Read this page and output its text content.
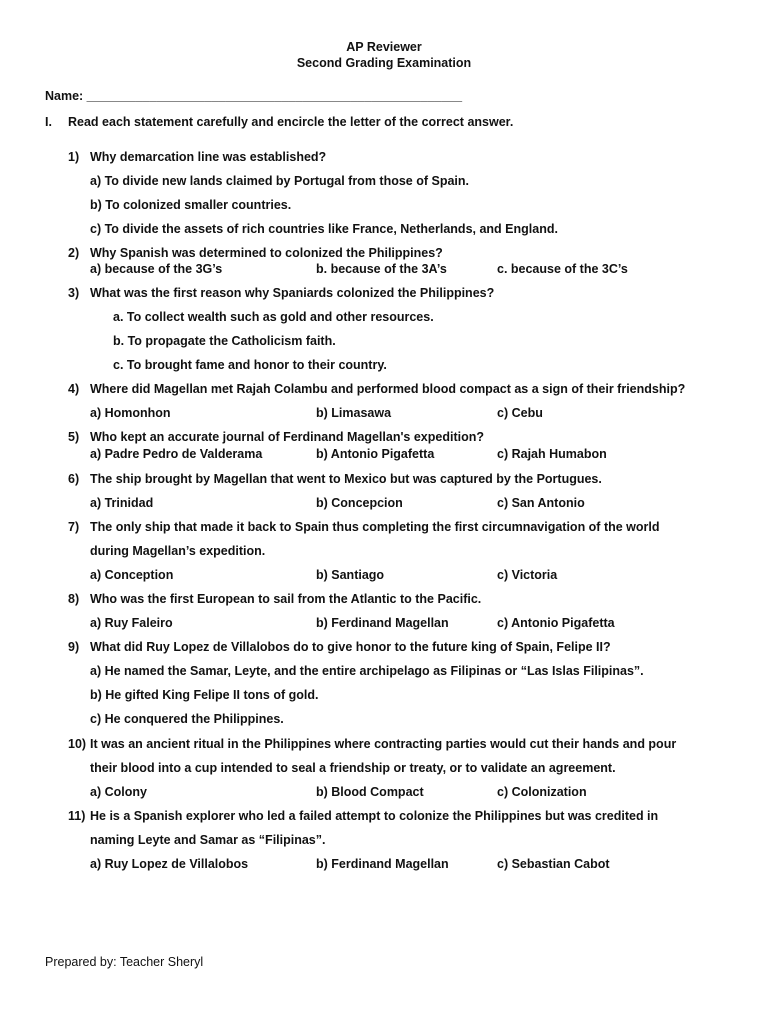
AP Reviewer
Second Grading Examination
Name: ______________________________________________________
I. Read each statement carefully and encircle the letter of the correct answer.
1) Why demarcation line was established?
a) To divide new lands claimed by Portugal from those of Spain.
b) To colonized smaller countries.
c) To divide the assets of rich countries like France, Netherlands, and England.
2) Why Spanish was determined to colonized the Philippines?
a) because of the 3G’s	b. because of the 3A’s	c. because of the 3C’s
3) What was the first reason why Spaniards colonized the Philippines?
a. To collect wealth such as gold and other resources.
b. To propagate the Catholicism faith.
c. To brought fame and honor to their country.
4) Where did Magellan met Rajah Colambu and performed blood compact as a sign of their friendship?
a) Homonhon	b) Limasawa	c) Cebu
5) Who kept an accurate journal of Ferdinand Magellan's expedition?
a) Padre Pedro de Valderama	b) Antonio Pigafetta	c) Rajah Humabon
6) The ship brought by Magellan that went to Mexico but was captured by the Portugues.
a) Trinidad	b) Concepcion	c) San Antonio
7) The only ship that made it back to Spain thus completing the first circumnavigation of the world
during Magellan’s expedition.
a) Conception	b) Santiago	c) Victoria
8) Who was the first European to sail from the Atlantic to the Pacific.
a) Ruy Faleiro	b) Ferdinand Magellan	c) Antonio Pigafetta
9) What did Ruy Lopez de Villalobos do to give honor to the future king of Spain, Felipe II?
a) He named the Samar, Leyte, and the entire archipelago as Filipinas or “Las Islas Filipinas”.
b) He gifted King Felipe II tons of gold.
c) He conquered the Philippines.
10) It was an ancient ritual in the Philippines where contracting parties would cut their hands and pour
their blood into a cup intended to seal a friendship or treaty, or to validate an agreement.
a) Colony	b) Blood Compact	c) Colonization
11) He is a Spanish explorer who led a failed attempt to colonize the Philippines but was credited in
naming Leyte and Samar as “Filipinas”.
a) Ruy Lopez de Villalobos	b) Ferdinand Magellan	c) Sebastian Cabot
Prepared by: Teacher Sheryl
